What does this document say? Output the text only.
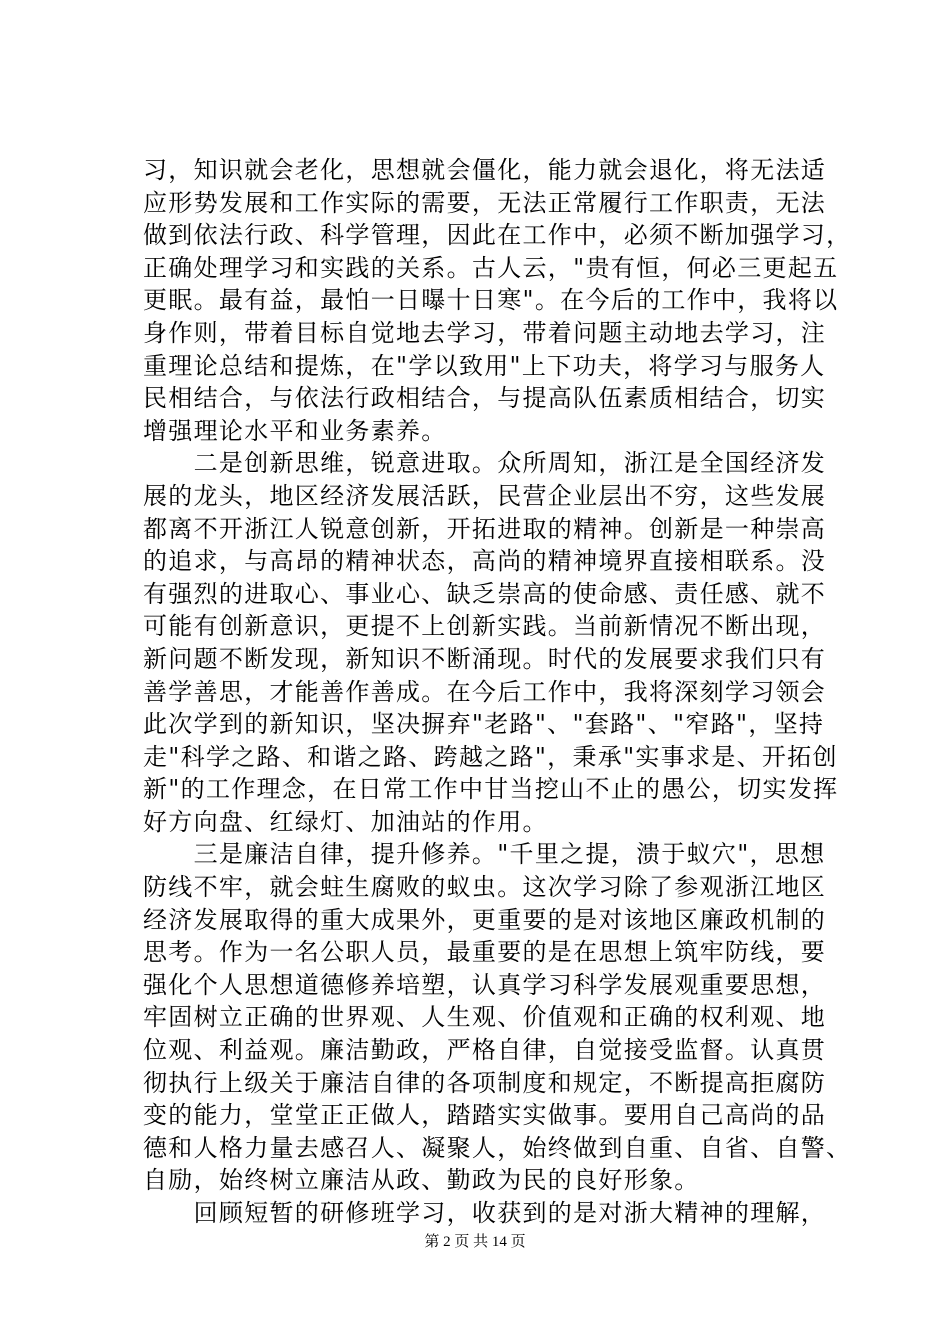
习，知识就会老化，思想就会僵化，能力就会退化，将无法适
应形势发展和工作实际的需要，无法正常履行工作职责，无法
做到依法行政、科学管理，因此在工作中，必须不断加强学习，
正确处理学习和实践的关系。古人云，"贵有恒，何必三更起五
更眠。最有益，最怕一日曝十日寒"。在今后的工作中，我将以
身作则，带着目标自觉地去学习，带着问题主动地去学习，注
重理论总结和提炼，在"学以致用"上下功夫，将学习与服务人
民相结合，与依法行政相结合，与提高队伍素质相结合，切实
增强理论水平和业务素养。
　　二是创新思维，锐意进取。众所周知，浙江是全国经济发
展的龙头，地区经济发展活跃，民营企业层出不穷，这些发展
都离不开浙江人锐意创新，开拓进取的精神。创新是一种崇高
的追求，与高昂的精神状态，高尚的精神境界直接相联系。没
有强烈的进取心、事业心、缺乏崇高的使命感、责任感、就不
可能有创新意识，更提不上创新实践。当前新情况不断出现，
新问题不断发现，新知识不断涌现。时代的发展要求我们只有
善学善思，才能善作善成。在今后工作中，我将深刻学习领会
此次学到的新知识，坚决摒弃"老路"、"套路"、"窄路"，坚持
走"科学之路、和谐之路、跨越之路"，秉承"实事求是、开拓创
新"的工作理念，在日常工作中甘当挖山不止的愚公，切实发挥
好方向盘、红绿灯、加油站的作用。
　　三是廉洁自律，提升修养。"千里之提，溃于蚁穴"，思想
防线不牢，就会蛀生腐败的蚁虫。这次学习除了参观浙江地区
经济发展取得的重大成果外，更重要的是对该地区廉政机制的
思考。作为一名公职人员，最重要的是在思想上筑牢防线，要
强化个人思想道德修养培塑，认真学习科学发展观重要思想，
牢固树立正确的世界观、人生观、价值观和正确的权利观、地
位观、利益观。廉洁勤政，严格自律，自觉接受监督。认真贯
彻执行上级关于廉洁自律的各项制度和规定，不断提高拒腐防
变的能力，堂堂正正做人，踏踏实实做事。要用自己高尚的品
德和人格力量去感召人、凝聚人，始终做到自重、自省、自警、
自励，始终树立廉洁从政、勤政为民的良好形象。
　　回顾短暂的研修班学习，收获到的是对浙大精神的理解，
第 2 页 共 14 页
